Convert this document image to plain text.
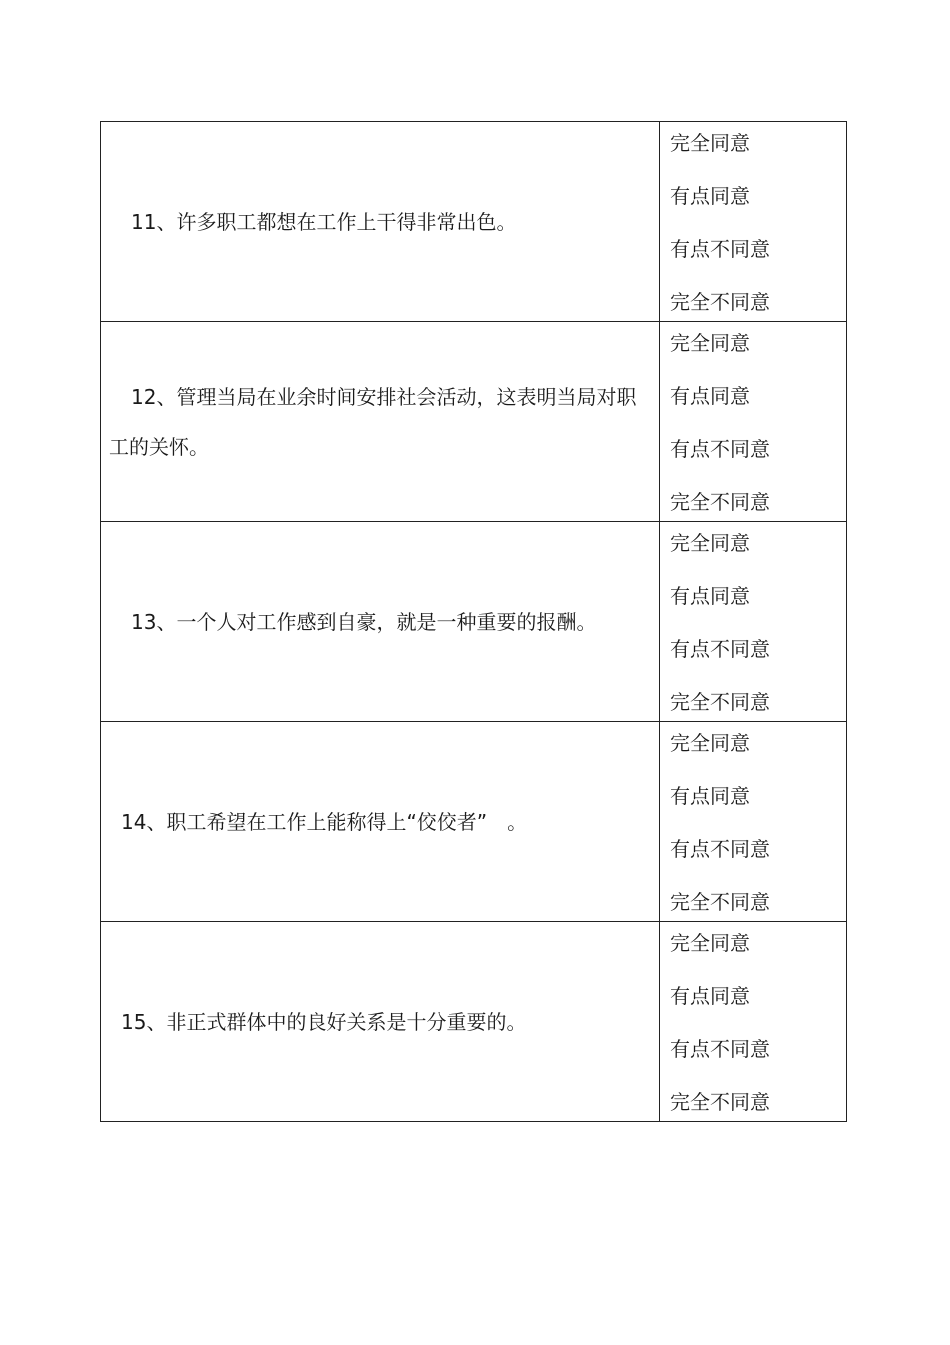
11、许多职工都想在工作上干得非常出色。	完全同意
有点同意
有点不同意
完全不同意

12、管理当局在业余时间安排社会活动，这表明当局对职工的关怀。	完全同意
有点同意
有点不同意
完全不同意

13、一个人对工作感到自豪，就是一种重要的报酬。	完全同意
有点同意
有点不同意
完全不同意

14、职工希望在工作上能称得上“佼佼者”　。	完全同意
有点同意
有点不同意
完全不同意

15、非正式群体中的良好关系是十分重要的。	完全同意
有点同意
有点不同意
完全不同意
